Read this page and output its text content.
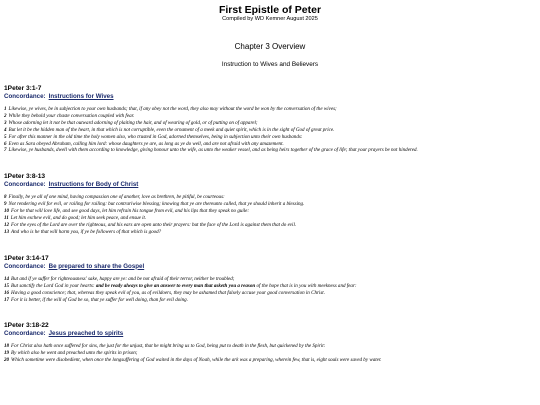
First Epistle of Peter

Compiled by WD Kemner August 2025

Chapter 3 Overview

Instruction to Wives and Believers

1Peter 3:1-7

Concordance: Instructions for Wives

1 Likewise, ye wives, be in subjection to your own husbands; that, if any obey not the word, they also may without the word be won by the conversation of the wives;

2 While they behold your chaste conversation coupled with fear.

3 Whose adorning let it not be that outward adorning of plaiting the hair, and of wearing of gold, or of putting on of apparel;

4 But let it be the hidden man of the heart, in that which is not corruptible, even the ornament of a meek and quiet spirit, which is in the sight of God of great price.

5 For after this manner in the old time the holy women also, who trusted in God, adorned themselves, being in subjection unto their own husbands:

6 Even as Sara obeyed Abraham, calling him lord: whose daughters ye are, as long as ye do well, and are not afraid with any amazement.

7 Likewise, ye husbands, dwell with them according to knowledge, giving honour unto the wife, as unto the weaker vessel, and as being heirs together of the grace of life; that your prayers be not hindered.

1Peter 3:8-13

Concordance: Instructions for Body of Christ

8 Finally, be ye all of one mind, having compassion one of another, love as brethren, be pitiful, be courteous:

9 Not rendering evil for evil, or railing for railing: but contrariwise blessing; knowing that ye are thereunto called, that ye should inherit a blessing.

10 For he that will love life, and see good days, let him refrain his tongue from evil, and his lips that they speak no guile:

11 Let him eschew evil, and do good; let him seek peace, and ensue it.

12 For the eyes of the Lord are over the righteous, and his ears are open unto their prayers: but the face of the Lord is against them that do evil.

13 And who is he that will harm you, if ye be followers of that which is good?

1Peter 3:14-17

Concordance: Be prepared to share the Gospel

14 But and if ye suffer for righteousness' sake, happy are ye: and be not afraid of their terror, neither be troubled;

15 But sanctify the Lord God in your hearts: and be ready always to give an answer to every man that asketh you a reason of the hope that is in you with meekness and fear:

16 Having a good conscience; that, whereas they speak evil of you, as of evildoers, they may be ashamed that falsely accuse your good conversation in Christ.

17 For it is better, if the will of God be so, that ye suffer for well doing, than for evil doing.

1Peter 3:18-22

Concordance: Jesus preached to spirits

18 For Christ also hath once suffered for sins, the just for the unjust, that he might bring us to God, being put to death in the flesh, but quickened by the Spirit:

19 By which also he went and preached unto the spirits in prison;

20 Which sometime were disobedient, when once the longsuffering of God waited in the days of Noah, while the ark was a preparing, wherein few, that is, eight souls were saved by water.
